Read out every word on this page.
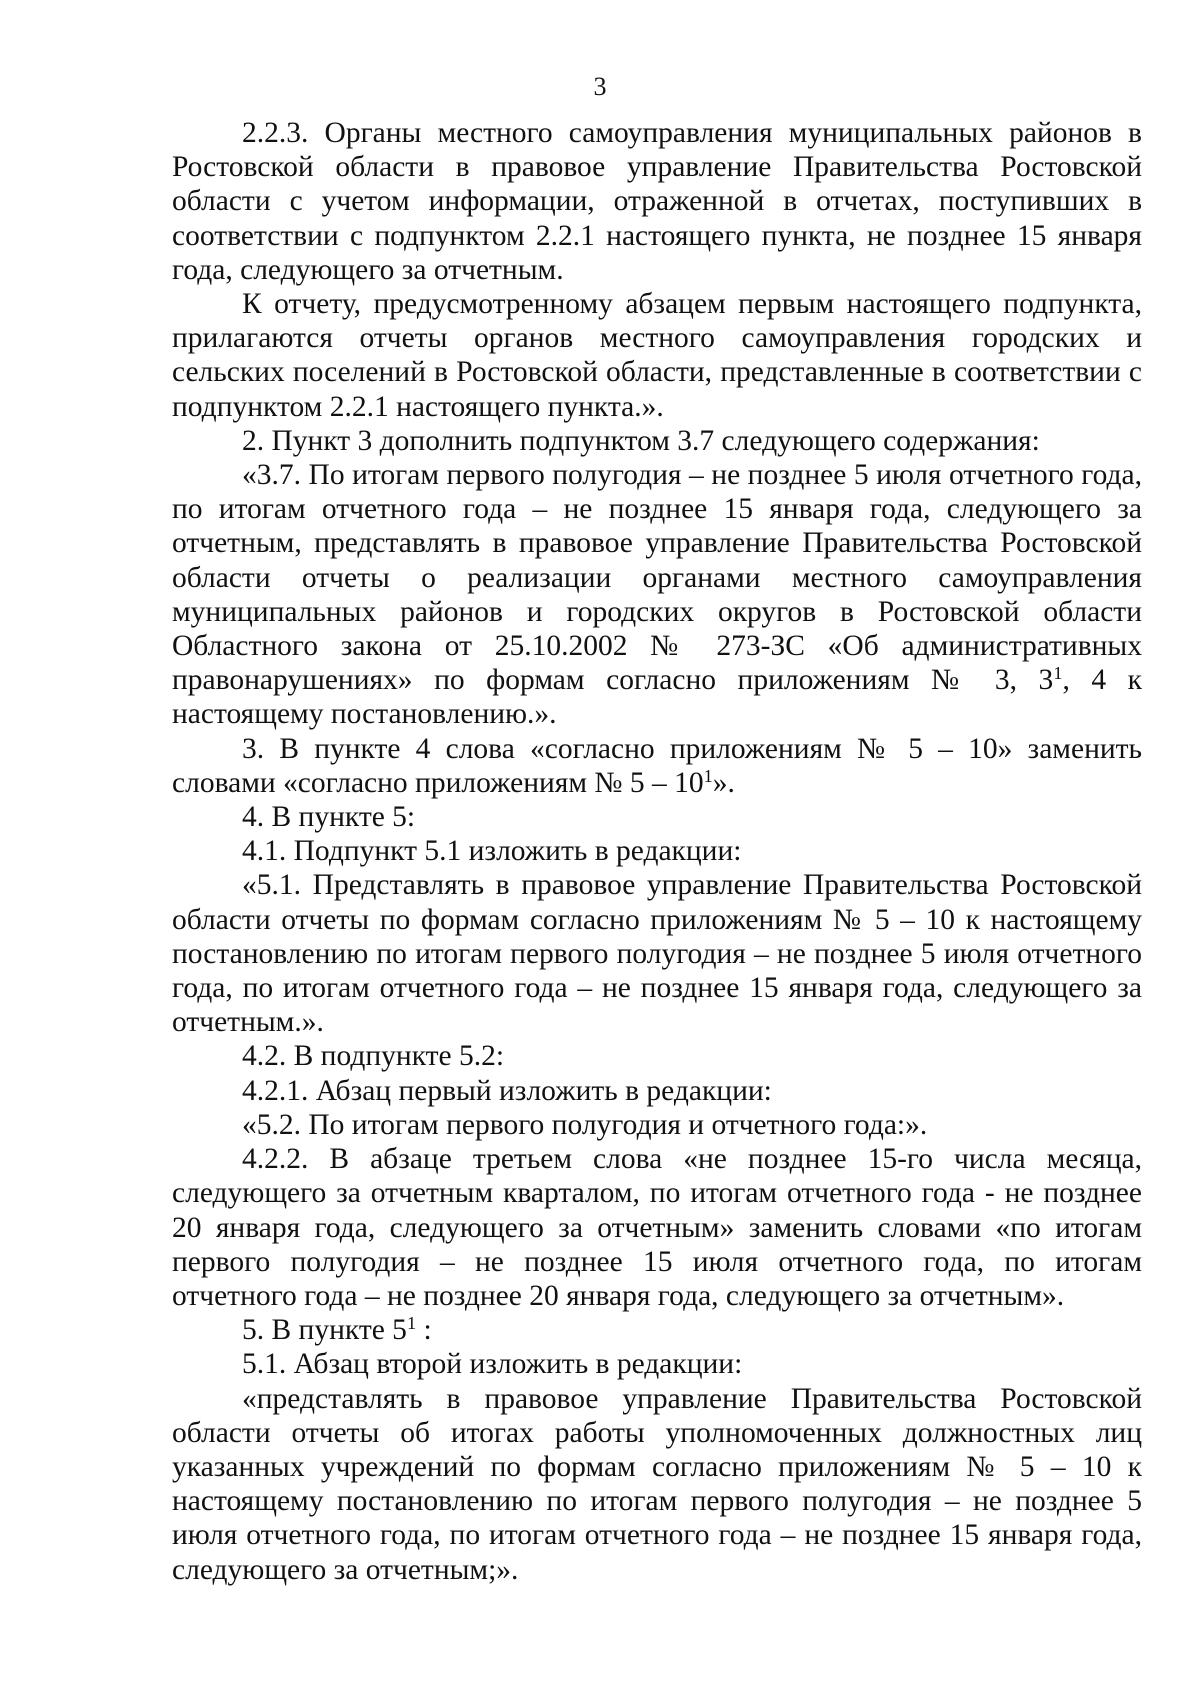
3

2.2.3. Органы местного самоуправления муниципальных районов в Ростовской области в правовое управление Правительства Ростовской области с учетом информации, отраженной в отчетах, поступивших в соответствии с подпунктом 2.2.1 настоящего пункта, не позднее 15 января года, следующего за отчетным.

К отчету, предусмотренному абзацем первым настоящего подпункта, прилагаются отчеты органов местного самоуправления городских и сельских поселений в Ростовской области, представленные в соответствии с подпунктом 2.2.1 настоящего пункта.».

2. Пункт 3 дополнить подпунктом 3.7 следующего содержания:

«3.7. По итогам первого полугодия – не позднее 5 июля отчетного года, по итогам отчетного года – не позднее 15 января года, следующего за отчетным, представлять в правовое управление Правительства Ростовской области отчеты о реализации органами местного самоуправления муниципальных районов и городских округов в Ростовской области Областного закона от 25.10.2002 № 273-ЗС «Об административных правонарушениях» по формам согласно приложениям № 3, $3^1$, 4 к настоящему постановлению.».

3. В пункте 4 слова «согласно приложениям № 5 – 10» заменить словами «согласно приложениям № $5 - 10^1$».

4. В пункте 5:

4.1. Подпункт 5.1 изложить в редакции:

«5.1. Представлять в правовое управление Правительства Ростовской области отчеты по формам согласно приложениям № 5 – 10 к настоящему постановлению по итогам первого полугодия – не позднее 5 июля отчетного года, по итогам отчетного года – не позднее 15 января года, следующего за отчетным.».

4.2. В подпункте 5.2:

4.2.1. Абзац первый изложить в редакции:

«5.2. По итогам первого полугодия и отчетного года:».

4.2.2. В абзаце третьем слова «не позднее 15-го числа месяца, следующего за отчетным кварталом, по итогам отчетного года - не позднее 20 января года, следующего за отчетным» заменить словами «по итогам первого полугодия – не позднее 15 июля отчетного года, по итогам отчетного года – не позднее 20 января года, следующего за отчетным».

5. В пункте $5^1$ :

5.1. Абзац второй изложить в редакции:

«представлять в правовое управление Правительства Ростовской области отчеты об итогах работы уполномоченных должностных лиц указанных учреждений по формам согласно приложениям № 5 – 10 к настоящему постановлению по итогам первого полугодия – не позднее 5 июля отчетного года, по итогам отчетного года – не позднее 15 января года, следующего за отчетным;».
